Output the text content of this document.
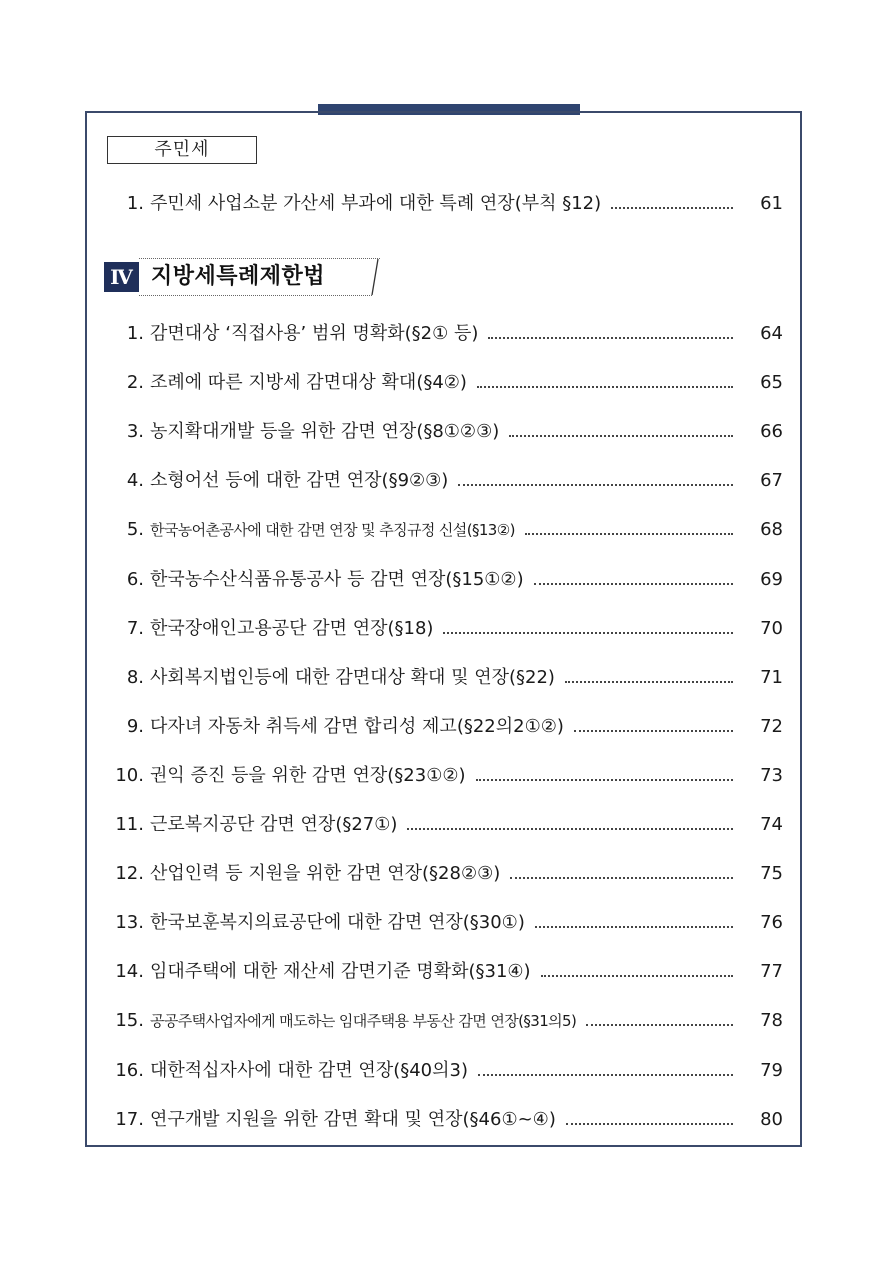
주민세
Ⅳ 지방세특례제한법
1. 주민세 사업소분 가산세 부과에 대한 특례 연장(부칙 §12)	61
1. 감면대상 ‘직접사용’ 범위 명확화(§2① 등)	64
2. 조례에 따른 지방세 감면대상 확대(§4②)	65
3. 농지확대개발 등을 위한 감면 연장(§8①②③)	66
4. 소형어선 등에 대한 감면 연장(§9②③)	67
5. 한국농어촌공사에 대한 감면 연장 및 추징규정 신설(§13②)	68
6. 한국농수산식품유통공사 등 감면 연장(§15①②)	69
7. 한국장애인고용공단 감면 연장(§18)	70
8. 사회복지법인등에 대한 감면대상 확대 및 연장(§22)	71
9. 다자녀 자동차 취득세 감면 합리성 제고(§22의2①②)	72
10. 권익 증진 등을 위한 감면 연장(§23①②)	73
11. 근로복지공단 감면 연장(§27①)	74
12. 산업인력 등 지원을 위한 감면 연장(§28②③)	75
13. 한국보훈복지의료공단에 대한 감면 연장(§30①)	76
14. 임대주택에 대한 재산세 감면기준 명확화(§31④)	77
15. 공공주택사업자에게 매도하는 임대주택용 부동산 감면 연장(§31의5)	78
16. 대한적십자사에 대한 감면 연장(§40의3)	79
17. 연구개발 지원을 위한 감면 확대 및 연장(§46①~④)	80
